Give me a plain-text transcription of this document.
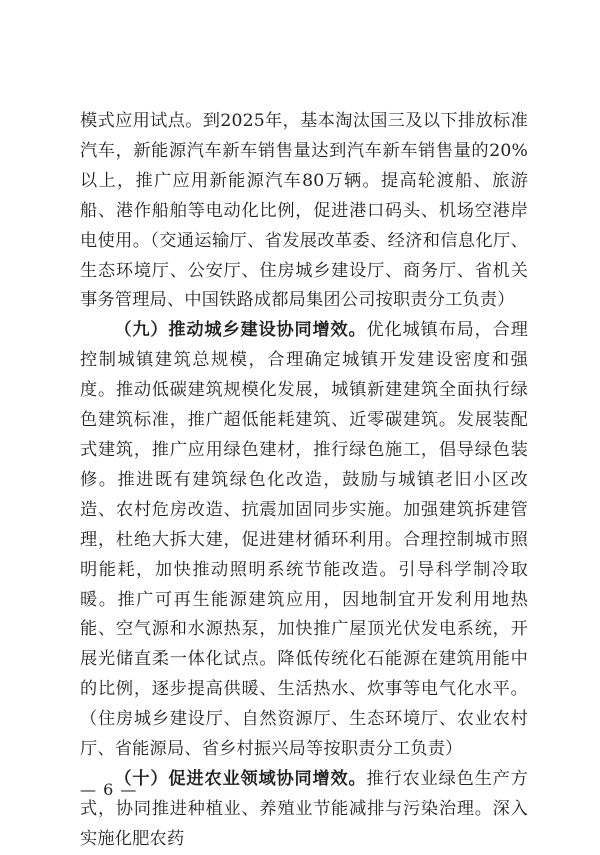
模式应用试点。到2025年，基本淘汰国三及以下排放标准汽车，新能源汽车新车销售量达到汽车新车销售量的20%以上，推广应用新能源汽车80万辆。提高轮渡船、旅游船、港作船舶等电动化比例，促进港口码头、机场空港岸电使用。（交通运输厅、省发展改革委、经济和信息化厅、生态环境厅、公安厅、住房城乡建设厅、商务厅、省机关事务管理局、中国铁路成都局集团公司按职责分工负责）

（九）推动城乡建设协同增效。优化城镇布局，合理控制城镇建筑总规模，合理确定城镇开发建设密度和强度。推动低碳建筑规模化发展，城镇新建建筑全面执行绿色建筑标准，推广超低能耗建筑、近零碳建筑。发展装配式建筑，推广应用绿色建材，推行绿色施工，倡导绿色装修。推进既有建筑绿色化改造，鼓励与城镇老旧小区改造、农村危房改造、抗震加固同步实施。加强建筑拆建管理，杜绝大拆大建，促进建材循环利用。合理控制城市照明能耗，加快推动照明系统节能改造。引导科学制冷取暖。推广可再生能源建筑应用，因地制宜开发利用地热能、空气源和水源热泵，加快推广屋顶光伏发电系统，开展光储直柔一体化试点。降低传统化石能源在建筑用能中的比例，逐步提高供暖、生活热水、炊事等电气化水平。（住房城乡建设厅、自然资源厅、生态环境厅、农业农村厅、省能源局、省乡村振兴局等按职责分工负责）

（十）促进农业领域协同增效。推行农业绿色生产方式，协同推进种植业、养殖业节能减排与污染治理。深入实施化肥农药

— 6 —
